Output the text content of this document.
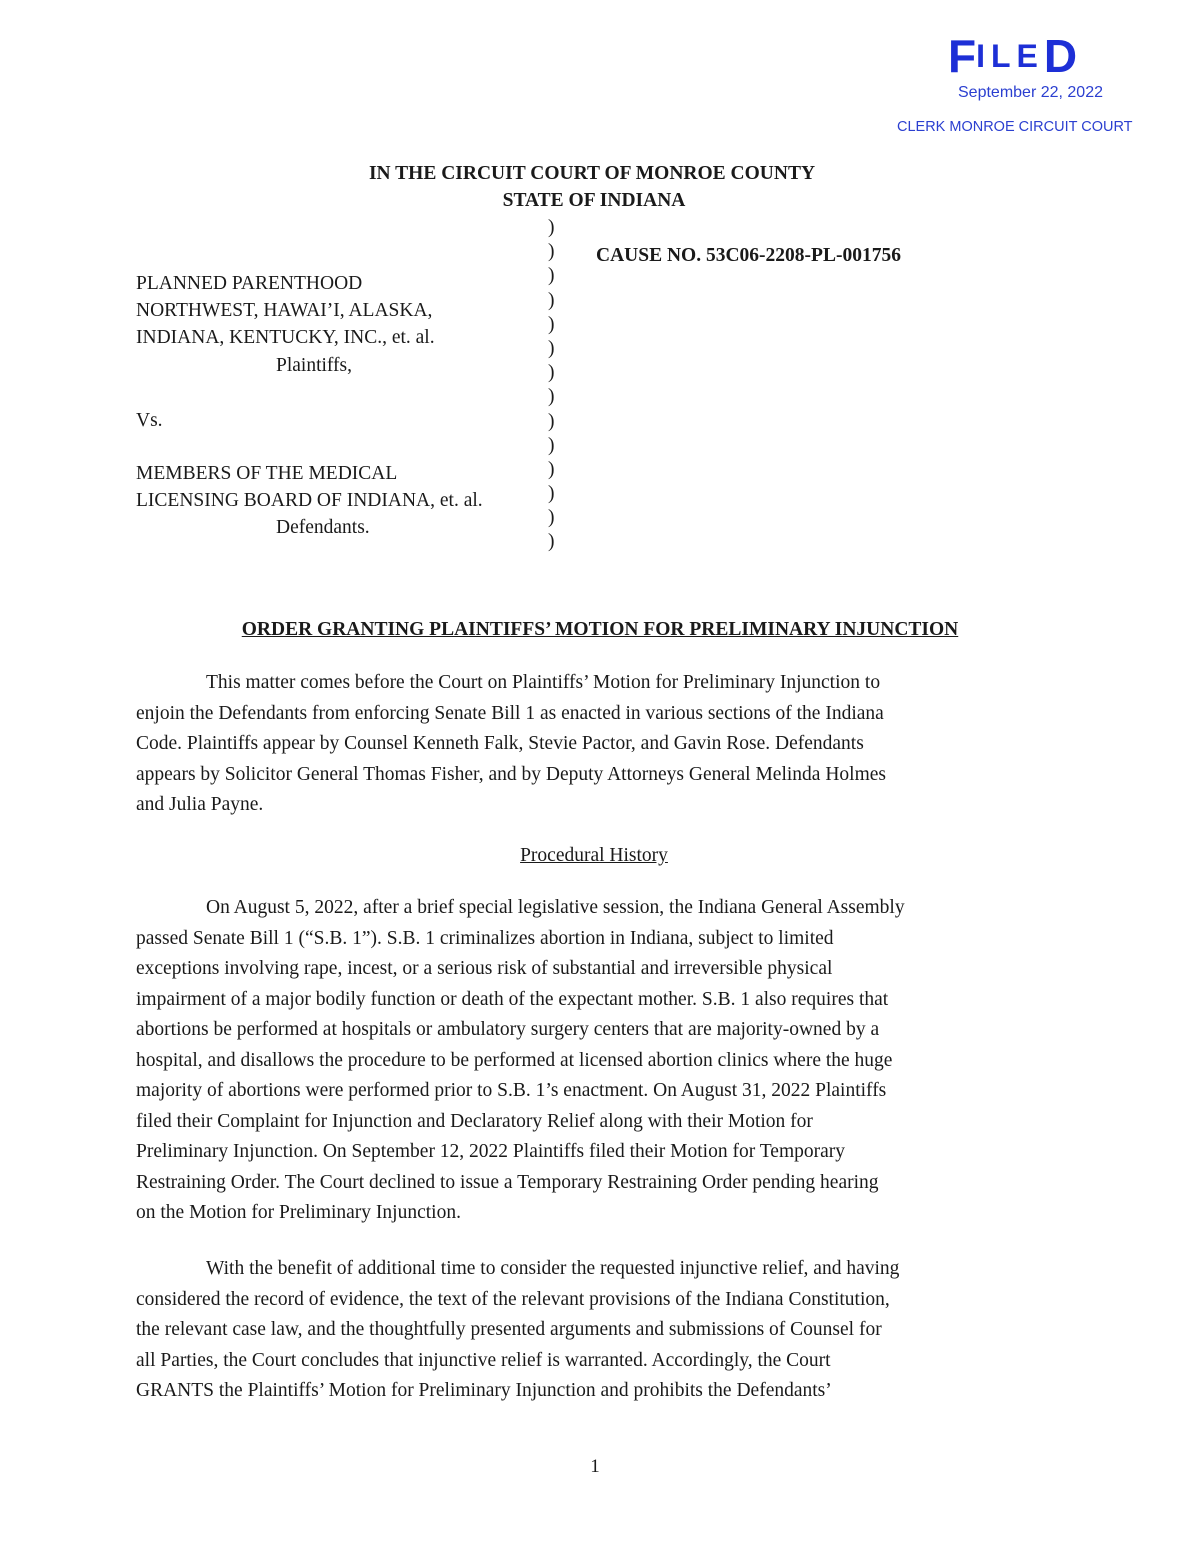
FILED
September 22, 2022
CLERK MONROE CIRCUIT COURT
IN THE CIRCUIT COURT OF MONROE COUNTY
STATE OF INDIANA
CAUSE NO. 53C06-2208-PL-001756
PLANNED PARENTHOOD
NORTHWEST, HAWAI’I, ALASKA,
INDIANA, KENTUCKY, INC., et. al.
Plaintiffs,
Vs.
MEMBERS OF THE MEDICAL
LICENSING BOARD OF INDIANA, et. al.
Defendants.
)
)
)
)
)
)
)
)
)
)
)
)
)
)
ORDER GRANTING PLAINTIFFS’ MOTION FOR PRELIMINARY INJUNCTION
This matter comes before the Court on Plaintiffs’ Motion for Preliminary Injunction to
enjoin the Defendants from enforcing Senate Bill 1 as enacted in various sections of the Indiana
Code. Plaintiffs appear by Counsel Kenneth Falk, Stevie Pactor, and Gavin Rose. Defendants
appears by Solicitor General Thomas Fisher, and by Deputy Attorneys General Melinda Holmes
and Julia Payne.
Procedural History
On August 5, 2022, after a brief special legislative session, the Indiana General Assembly
passed Senate Bill 1 (“S.B. 1”). S.B. 1 criminalizes abortion in Indiana, subject to limited
exceptions involving rape, incest, or a serious risk of substantial and irreversible physical
impairment of a major bodily function or death of the expectant mother. S.B. 1 also requires that
abortions be performed at hospitals or ambulatory surgery centers that are majority-owned by a
hospital, and disallows the procedure to be performed at licensed abortion clinics where the huge
majority of abortions were performed prior to S.B. 1’s enactment. On August 31, 2022 Plaintiffs
filed their Complaint for Injunction and Declaratory Relief along with their Motion for
Preliminary Injunction. On September 12, 2022 Plaintiffs filed their Motion for Temporary
Restraining Order. The Court declined to issue a Temporary Restraining Order pending hearing
on the Motion for Preliminary Injunction.
With the benefit of additional time to consider the requested injunctive relief, and having
considered the record of evidence, the text of the relevant provisions of the Indiana Constitution,
the relevant case law, and the thoughtfully presented arguments and submissions of Counsel for
all Parties, the Court concludes that injunctive relief is warranted. Accordingly, the Court
GRANTS the Plaintiffs’ Motion for Preliminary Injunction and prohibits the Defendants’
1
